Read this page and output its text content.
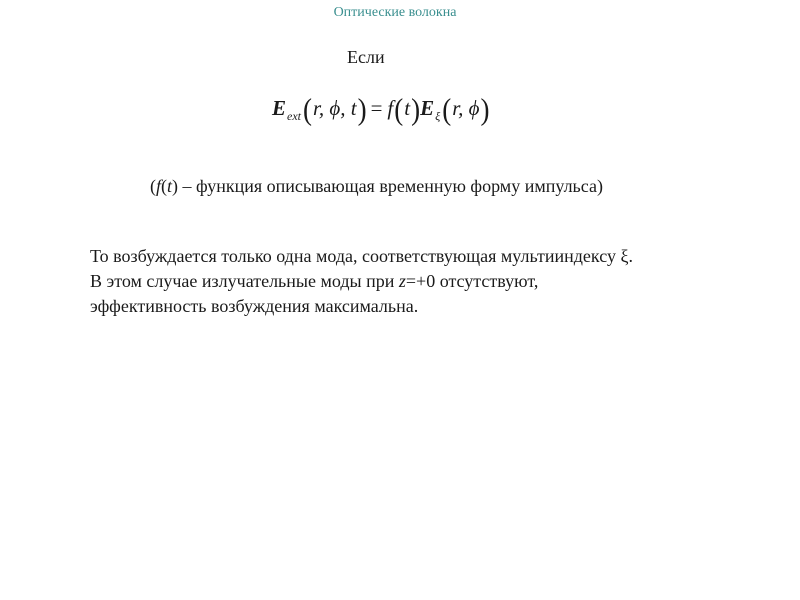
Оптические волокна
Если
Eext(r, ϕ, t) = f(t)Eξ(r, ϕ)
(f(t) – функция описывающая временную форму импульса)
То возбуждается только одна мода, соответствующая мультииндексу ξ.
В этом случае излучательные моды при z=+0 отсутствуют,
эффективность возбуждения максимальна.
